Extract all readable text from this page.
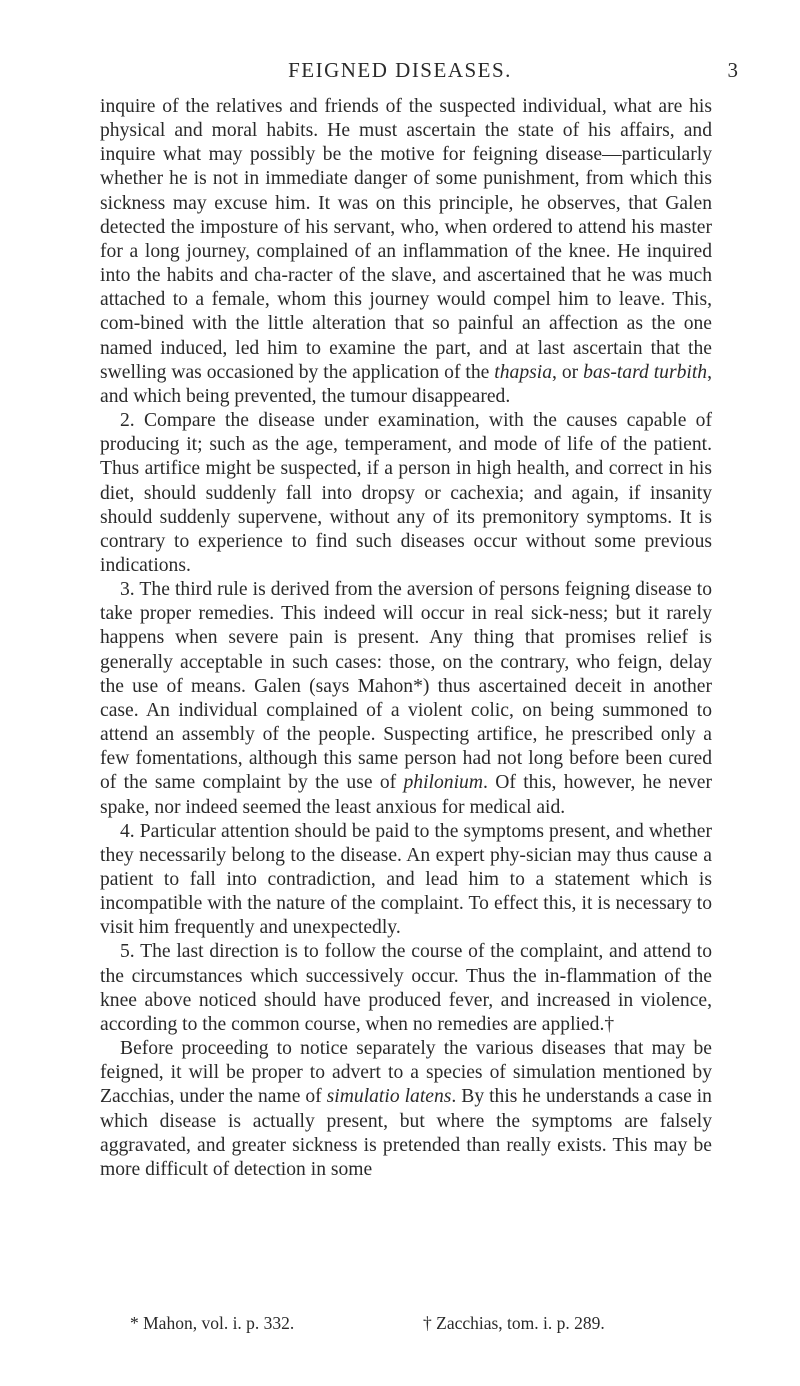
FEIGNED DISEASES.	3

inquire of the relatives and friends of the suspected individual, what are his physical and moral habits. He must ascertain the state of his affairs, and inquire what may possibly be the motive for feigning disease—particularly whether he is not in immediate danger of some punishment, from which this sickness may excuse him. It was on this principle, he observes, that Galen detected the imposture of his servant, who, when ordered to attend his master for a long journey, complained of an inflammation of the knee. He inquired into the habits and cha-racter of the slave, and ascertained that he was much attached to a female, whom this journey would compel him to leave. This, com-bined with the little alteration that so painful an affection as the one named induced, led him to examine the part, and at last ascertain that the swelling was occasioned by the application of the thapsia, or bas-tard turbith, and which being prevented, the tumour disappeared.

2. Compare the disease under examination, with the causes capable of producing it; such as the age, temperament, and mode of life of the patient. Thus artifice might be suspected, if a person in high health, and correct in his diet, should suddenly fall into dropsy or cachexia; and again, if insanity should suddenly supervene, without any of its premonitory symptoms. It is contrary to experience to find such diseases occur without some previous indications.

3. The third rule is derived from the aversion of persons feigning disease to take proper remedies. This indeed will occur in real sick-ness; but it rarely happens when severe pain is present. Any thing that promises relief is generally acceptable in such cases: those, on the contrary, who feign, delay the use of means. Galen (says Mahon*) thus ascertained deceit in another case. An individual complained of a violent colic, on being summoned to attend an assembly of the people. Suspecting artifice, he prescribed only a few fomentations, although this same person had not long before been cured of the same complaint by the use of philonium. Of this, however, he never spake, nor indeed seemed the least anxious for medical aid.

4. Particular attention should be paid to the symptoms present, and whether they necessarily belong to the disease. An expert phy-sician may thus cause a patient to fall into contradiction, and lead him to a statement which is incompatible with the nature of the complaint. To effect this, it is necessary to visit him frequently and unexpectedly.

5. The last direction is to follow the course of the complaint, and attend to the circumstances which successively occur. Thus the in-flammation of the knee above noticed should have produced fever, and increased in violence, according to the common course, when no remedies are applied.†

Before proceeding to notice separately the various diseases that may be feigned, it will be proper to advert to a species of simulation mentioned by Zacchias, under the name of simulatio latens. By this he understands a case in which disease is actually present, but where the symptoms are falsely aggravated, and greater sickness is pretended than really exists. This may be more difficult of detection in some

* Mahon, vol. i. p. 332.	† Zacchias, tom. i. p. 289.
